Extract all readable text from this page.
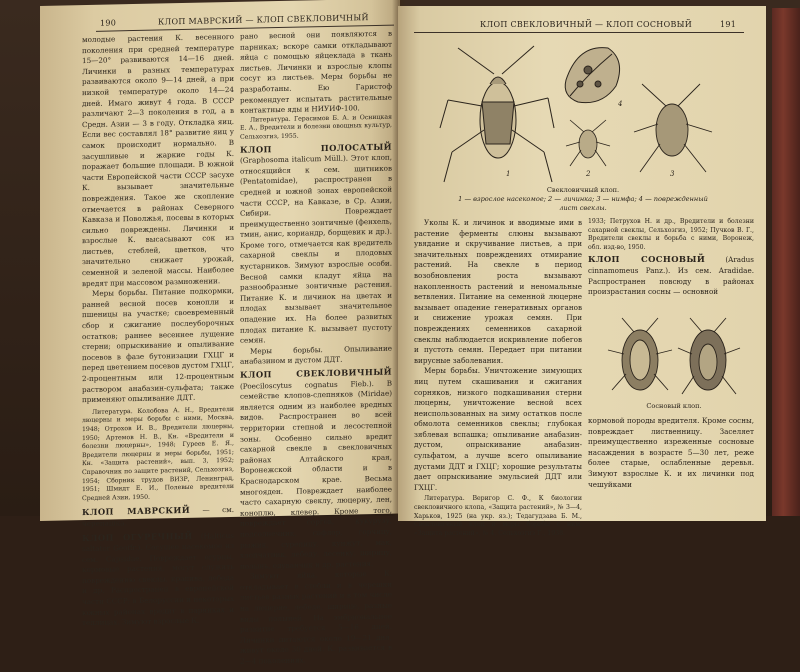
190	КЛОП МАВРСКИЙ — КЛОП СВЕКЛОВИЧНЫЙ

молодые растения К. весенного поколения при средней температуре 15—20° развиваются 14—16 дней. Личинки в разных температурах развиваются около 9—14 дней, а при низкой температуре около 14—24 дней. Имаго живут 4 года. В СССР различают 2—3 поколения в год, а в Средн. Азии — 3 в году. Откладка яиц. Если вес составлял 18° развитие яиц у самок происходит нормально. В засушливые и жаркие годы К. поражает большие площади. В южной части Европейской части СССР засухе К. вызывает значительные повреждения. Такое же скопление отмечается в районах Северного Кавказа и Поволжья, посевы в которых сильно повреждены. Личинки и взрослые К. высасывают сок из листьев, стеблей, цветков, что значительно снижает урожай, семенной и зеленой массы. Наиболее вредят при массовом размножении.

Меры борьбы. Питание подкормки, ранней весной посев конопли и пшеницы на участке; своевременный сбор и сжигание послеуборочных остатков; раннее весеннее лущение стерни; опрыскивание и опыливание посевов в фазе бутонизации ГХЦГ и перед цветением посевов дустом ГХЦГ, 2-процентным или 12-процентным раствором анабазин-сульфата; также применяют опыливание ДДТ.

Литература. Колобова А. Н., Вредители люцерны и меры борьбы с ними, Москва, 1948; Отрохов И. В., Вредители люцерны, 1950; Артемов Н. В., Кн. «Вредители и болезни люцерны», 1948; Гуреев Е. Я., Вредители люцерны и меры борьбы, 1951; Кн. «Защита растений», вып. 3, 1952; Справочник по защите растений, Сельхозгиз, 1954; Сборник трудов ВИЗР, Ленинград, 1951; Шмидт Е. И., Полевые вредители Средней Азии, 1950.

КЛОП МАВРСКИЙ — см. черепашка.

КЛОП ОГУРЕЧНЫЙ (Halticus saltator Geoffr.). Сосущее насекомое из сем. Capsidae. Повреждает огурцы, кормовые растения, могут служить повреждению свеклы, крапива, лебеда и др. Распространен в европейской части СССР; в Белоруссии и некоторых южных районах вредит в парниках и теплицах. Зимуют взрослые К.

рано весной они появляются в парниках; вскоре самки откладывают яйца с помощью яйцеклада в ткань листьев. Личинки и взрослые клопы сосут из листьев. Меры борьбы не разработаны. Ею Гаристоф рекомендует испытать растительные контактные яды и НИУИФ-100.

Литература. Герасимов Б. А. и Осницкая Е. А., Вредители и болезни овощных культур, Сельхозгиз, 1955.

КЛОП ПОЛОСАТЫЙ (Graphosoma italicum Müll.). Этот клоп, относящийся к сем. щитников (Pentatomidae), распространен в средней и южной зонах европейской части СССР, на Кавказе, в Ср. Азии, Сибири. Повреждает преимущественно зонтичные (фенхель, тмин, анис, кориандр, борщевик и др.). Кроме того, отмечается как вредитель сахарной свеклы и плодовых кустарников. Зимуют взрослые особи. Весной самки кладут яйца на разнообразные зонтичные растения. Питание К. и личинок на цветах и плодах вызывает значительное опадение их. На более развитых плодах питание К. вызывает пустоту семян.

Меры борьбы. Опыливание анабазином и дустом ДДТ.

КЛОП СВЕКЛОВИЧНЫЙ (Poeciloscytus cognatus Fieb.). В семействе клопов-слепняков (Miridae) является одним из наиболее вредных видов. Распространен во всей территории степной и лесостепной зоны. Особенно сильно вредит сахарной свекле в свекловичных районах Алтайского края, Воронежской области и в Краснодарском крае. Весьма многояден. Повреждает наиболее часто сахарную свеклу, люцерну, лен, коноплю, клевер. Кроме того, повреждает соргов, кукурузу, подсолнечник, сафлор, горчицу, рыжик, сурепицу, кунжут, мак, хлопчатник, лебеду, лесенку, щирицу, полынь, одуванчик и др. растения.

Зимуют яйца, которые К. откладывает в стебли и в черешки листьев разных растений и в том числе на люцерне, лебеде, щирице, разные виды полыней. На эмбриональное развитие требуется 5—16 дней. Личинки питаются около 19—21 дня, живут около 30 дней. К. развивается в 2—4 поколениях.

КЛОП СВЕКЛОВИЧНЫЙ — КЛОП СОСНОВЫЙ	191
1	2	3
4
Свекловичный клоп.
1 — взрослое насекомое; 2 — личинка; 3 — нимфа; 4 — поврежденный лист свеклы.

Уколы К. и личинок и вводимые ими в растение ферменты слюны вызывают увядание и скручивание листьев, а при значительных повреждениях отмирание растений. На свекле в период возобновления роста вызывают накопленность растений и неномальные ветвления. Питание на семенной люцерне вызывает опадение генеративных органов и снижение урожая семян. При повреждениях семенников сахарной свеклы наблюдается искривление побегов и пустоть семян. Передает при питании вирусные заболевания.

Меры борьбы. Уничтожение зимующих яиц путем скашивания и сжигания сорняков, низкого подкашивания стерни люцерны, уничтожение весной всех неиспользованных на зиму остатков после обмолота семенников свеклы; глубокая зяблевая вспашка; опыливание анабазин-дустом, опрыскивание анабазин-сульфатом, а лучше всего опыливание дустами ДДТ и ГХЦГ; хорошие результаты дает опрыскивание эмульсией ДДТ или ГХЦГ.

Литература. Веригор С. Ф., К биологии свекловичного клопа, «Защита растений», № 3—4, Харьков, 1925 (на укр. яз.); Тедагудзава Б. М., Свекловичный клоп и меры борьбы с ним, «Защита растений», № 4, Сельхозгиз Г., 1938.

1933; Петрухов Н. и др., Вредители и болезни сахарной свеклы, Сельхозгиз, 1952; Пучков В. Г., Вредители свеклы и борьба с ними, Воронеж, обл. изд-во, 1950.

КЛОП СОСНОВЫЙ	(Aradus cinnamomeus Panz.). Из сем. Aradidae. Распространен повсюду в районах произрастания сосны — основной

Сосновый клоп.

кормовой породы вредителя. Кроме сосны, повреждает лиственницу. Заселяет преимущественно изреженные сосновые насаждения в возрасте 5—30 лет, реже более старые, ослабленные деревья. Зимуют взрослые К. и их личинки под чешуйками
